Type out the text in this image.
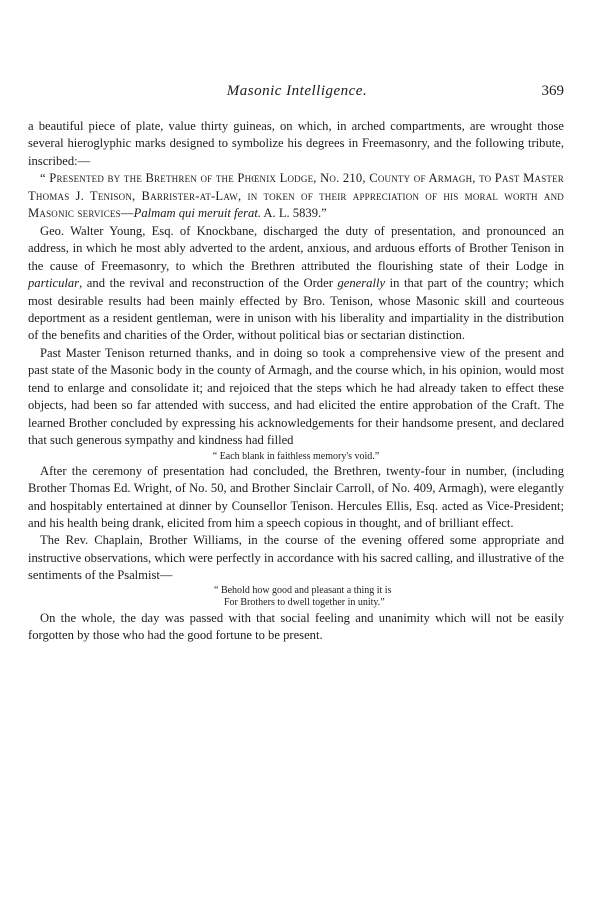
Masonic Intelligence.	369

a beautiful piece of plate, value thirty guineas, on which, in arched compartments, are wrought those several hieroglyphic marks designed to symbolize his degrees in Freemasonry, and the following tribute, inscribed:—

“ Presented by the Brethren of the Phœnix Lodge, No. 210, County of Armagh, to Past Master Thomas J. Tenison, Barrister-at-Law, in token of their appreciation of his moral worth and Masonic services—Palmam qui meruit ferat. A. L. 5839.”

Geo. Walter Young, Esq. of Knockbane, discharged the duty of presentation, and pronounced an address, in which he most ably adverted to the ardent, anxious, and arduous efforts of Brother Tenison in the cause of Freemasonry, to which the Brethren attributed the flourishing state of their Lodge in particular, and the revival and reconstruction of the Order generally in that part of the country; which most desirable results had been mainly effected by Bro. Tenison, whose Masonic skill and courteous deportment as a resident gentleman, were in unison with his liberality and impartiality in the distribution of the benefits and charities of the Order, without political bias or sectarian distinction.

Past Master Tenison returned thanks, and in doing so took a comprehensive view of the present and past state of the Masonic body in the county of Armagh, and the course which, in his opinion, would most tend to enlarge and consolidate it; and rejoiced that the steps which he had already taken to effect these objects, had been so far attended with success, and had elicited the entire approbation of the Craft. The learned Brother concluded by expressing his acknowledgements for their handsome present, and declared that such generous sympathy and kindness had filled

“ Each blank in faithless memory's void.”

After the ceremony of presentation had concluded, the Brethren, twenty-four in number, (including Brother Thomas Ed. Wright, of No. 50, and Brother Sinclair Carroll, of No. 409, Armagh), were elegantly and hospitably entertained at dinner by Counsellor Tenison. Hercules Ellis, Esq. acted as Vice-President; and his health being drank, elicited from him a speech copious in thought, and of brilliant effect.

The Rev. Chaplain, Brother Williams, in the course of the evening offered some appropriate and instructive observations, which were perfectly in accordance with his sacred calling, and illustrative of the sentiments of the Psalmist—

“ Behold how good and pleasant a thing it is

For Brothers to dwell together in unity.”

On the whole, the day was passed with that social feeling and unanimity which will not be easily forgotten by those who had the good fortune to be present.
